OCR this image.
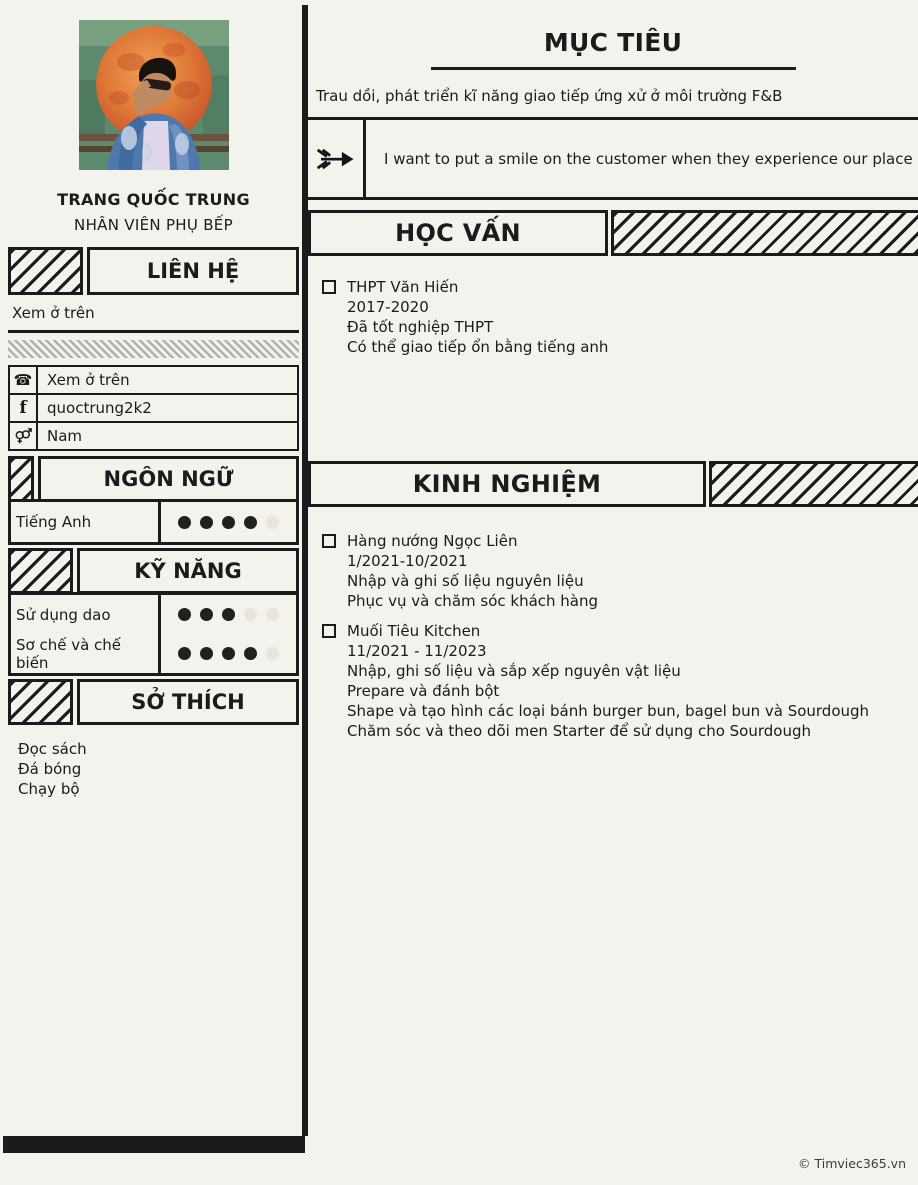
TRANG QUỐC TRUNG
NHÂN VIÊN PHỤ BẾP
LIÊN HỆ
Xem ở trên
☎ Xem ở trên
f	quoctrung2k2
Nam
NGÔN NGỮ
Tiếng Anh
KỸ NĂNG
Sử dụng dao
Sơ chế và chế biến
SỞ THÍCH
Đọc sách
Đá bóng
Chạy bộ
MỤC TIÊU
Trau dồi, phát triển kĩ năng giao tiếp ứng xử ở môi trường F&B
I want to put a smile on the customer when they experience our place
HỌC VẤN
THPT Văn Hiến
2017-2020
Đã tốt nghiệp THPT
Có thể giao tiếp ổn bằng tiếng anh
KINH NGHIỆM
Hàng nướng Ngọc Liên
1/2021-10/2021
Nhập và ghi số liệu nguyên liệu
Phục vụ và chăm sóc khách hàng
Muối Tiêu Kitchen
11/2021 - 11/2023
Nhập, ghi số liệu và sắp xếp nguyên vật liệu
Prepare và đánh bột
Shape và tạo hình các loại bánh burger bun, bagel bun và Sourdough
Chăm sóc và theo dõi men Starter để sử dụng cho Sourdough
© Timviec365.vn
